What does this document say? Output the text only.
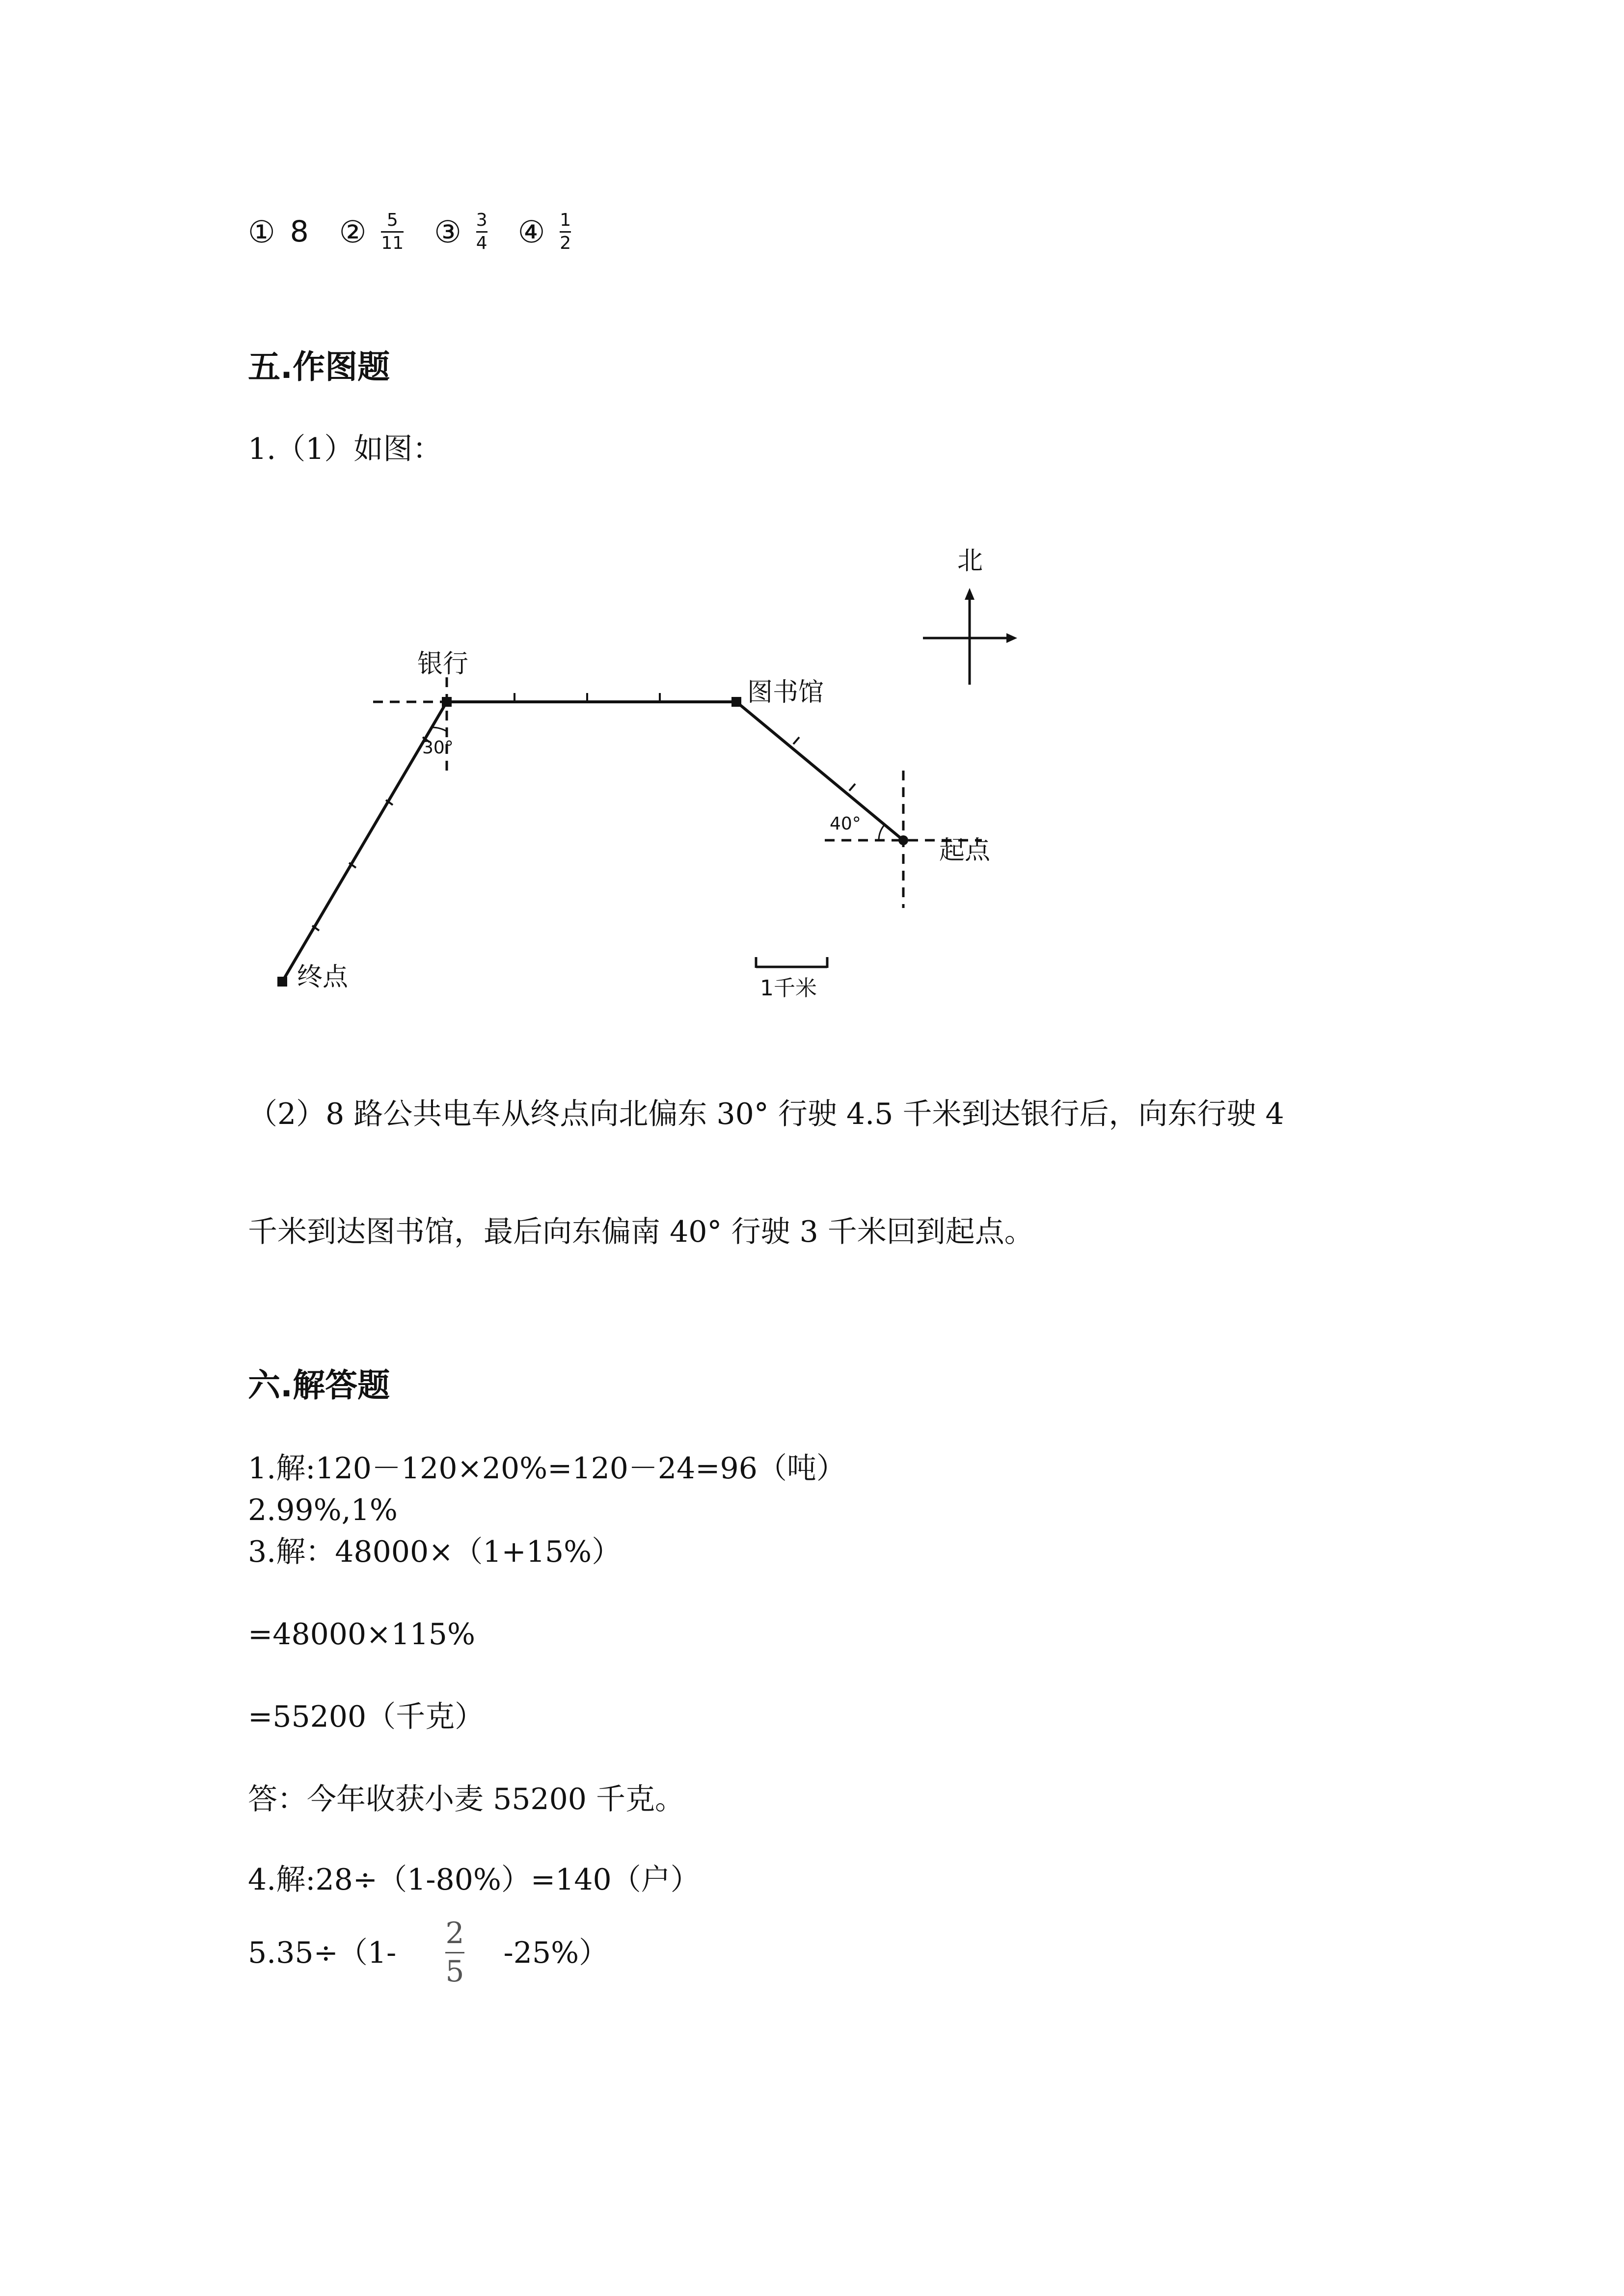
① 8 ② $\frac{5}{11}$ ③ $\frac{3}{4}$ ④ $\frac{1}{2}$
五.作图题
1.（1）如图：
北
银行
图书馆
起点
终点
30°
40°
1千米
（2）8 路公共电车从终点向北偏东 30° 行驶 4.5 千米到达银行后，向东行驶 4
千米到达图书馆，最后向东偏南 40° 行驶 3 千米回到起点。
六.解答题
1.解:120－120×20%=120－24=96（吨）
2.99%,1%
3.解：48000×（1+15%）
=48000×115%
=55200（千克）
答：今年收获小麦 55200 千克。
4.解:28÷（1-80%）=140（户）
5.35÷（1-
2
5
-25%）
